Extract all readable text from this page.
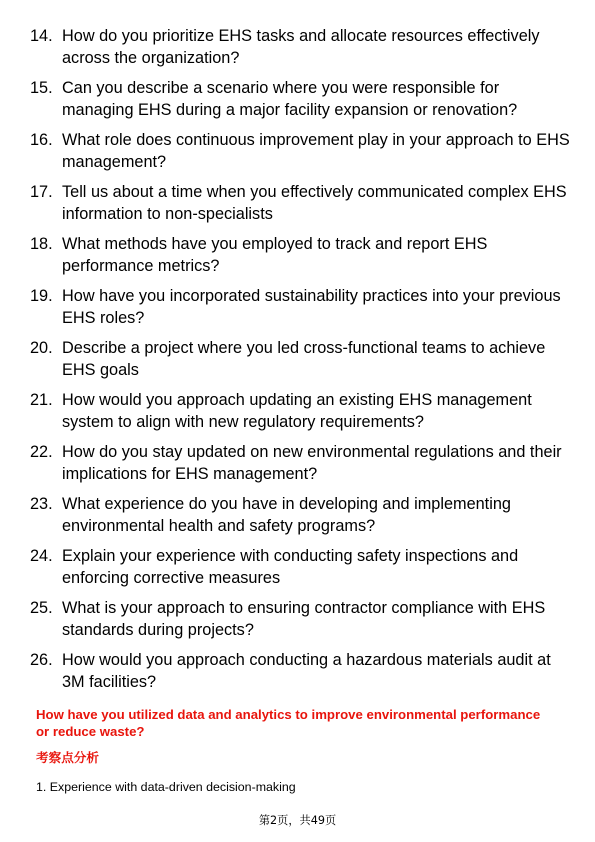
14. How do you prioritize EHS tasks and allocate resources effectively across the organization?
15. Can you describe a scenario where you were responsible for managing EHS during a major facility expansion or renovation?
16. What role does continuous improvement play in your approach to EHS management?
17. Tell us about a time when you effectively communicated complex EHS information to non-specialists
18. What methods have you employed to track and report EHS performance metrics?
19. How have you incorporated sustainability practices into your previous EHS roles?
20. Describe a project where you led cross-functional teams to achieve EHS goals
21. How would you approach updating an existing EHS management system to align with new regulatory requirements?
22. How do you stay updated on new environmental regulations and their implications for EHS management?
23. What experience do you have in developing and implementing environmental health and safety programs?
24. Explain your experience with conducting safety inspections and enforcing corrective measures
25. What is your approach to ensuring contractor compliance with EHS standards during projects?
26. How would you approach conducting a hazardous materials audit at 3M facilities?
How have you utilized data and analytics to improve environmental performance or reduce waste?
考察点分析
1. Experience with data-driven decision-making
第2页，共49页
